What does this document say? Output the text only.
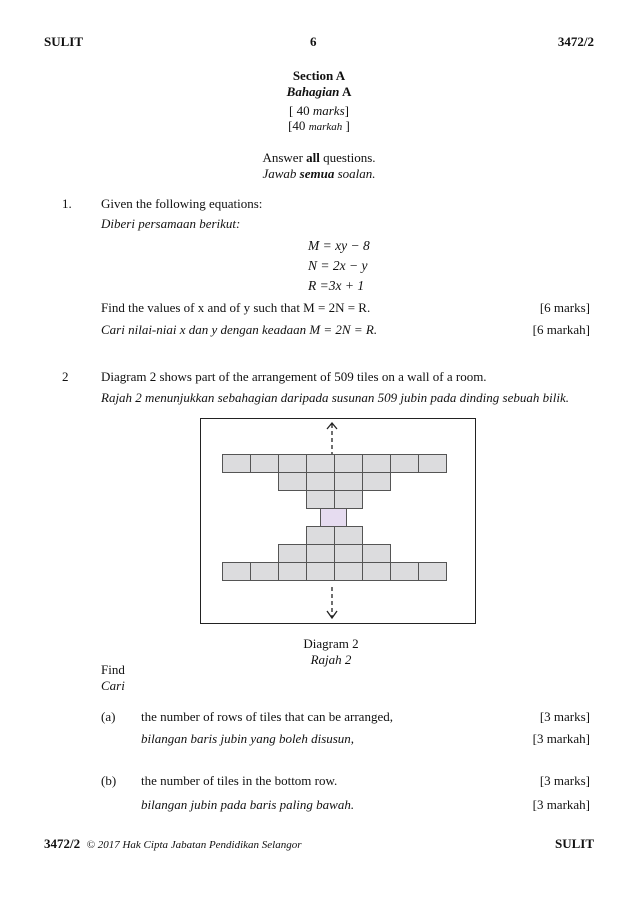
SULIT	6	3472/2
Section A
Bahagian A
[ 40 marks]
[40 markah ]
Answer all questions.
Jawab semua soalan.
1. Given the following equations:
Diberi persamaan berikut:
M = xy − 8
N = 2x − y
R =3x + 1
Find the values of x and of y such that M = 2N = R.	[6 marks]
Cari nilai-niai x dan y dengan keadaan M = 2N = R.	[6 markah]
2	Diagram 2 shows part of the arrangement of 509 tiles on a wall of a room.
Rajah 2 menunjukkan sebahagian daripada susunan 509 jubin pada dinding sebuah bilik.
Diagram 2
Rajah 2
Find
Cari
(a) the number of rows of tiles that can be arranged,	[3 marks]
bilangan baris jubin yang boleh disusun,	[3 markah]
(b) the number of tiles in the bottom row.	[3 marks]
bilangan jubin pada baris paling bawah.	[3 markah]
3472/2 © 2017 Hak Cipta Jabatan Pendidikan Selangor	SULIT
